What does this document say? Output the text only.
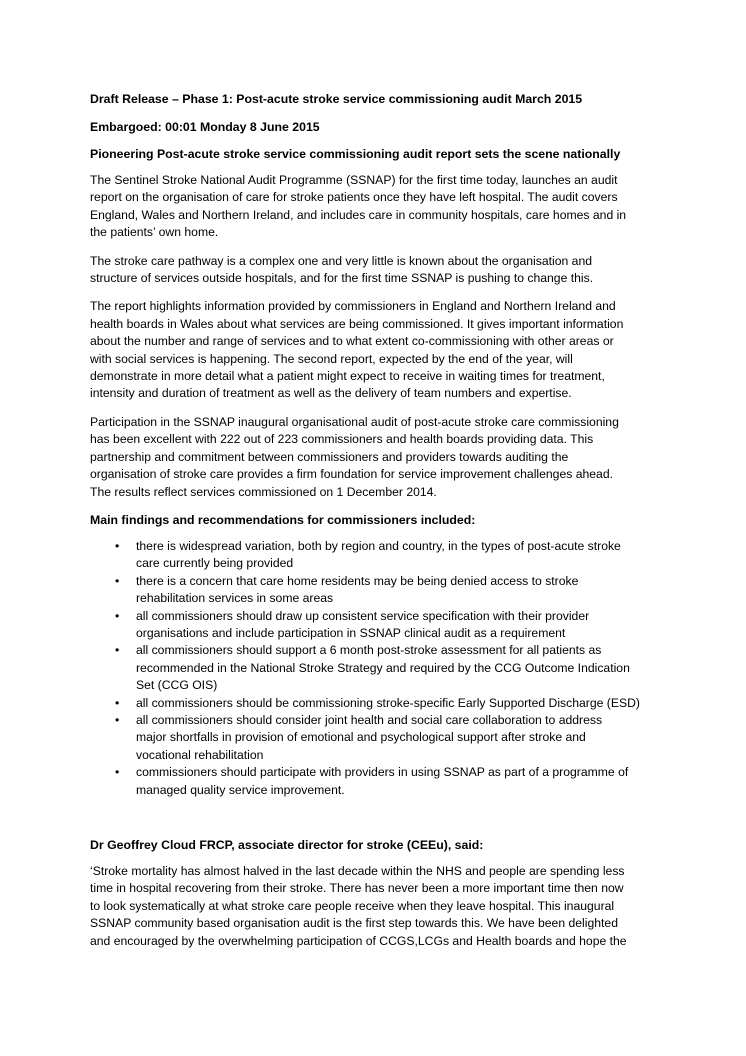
Draft Release – Phase 1: Post-acute stroke service commissioning audit March 2015
Embargoed: 00:01 Monday 8 June 2015
Pioneering Post-acute stroke service commissioning audit report sets the scene nationally
The Sentinel Stroke National Audit Programme (SSNAP) for the first time today, launches an audit
report on the organisation of care for stroke patients once they have left hospital. The audit covers
England, Wales and Northern Ireland, and includes care in community hospitals, care homes and in
the patients’ own home.
The stroke care pathway is a complex one and very little is known about the organisation and
structure of services outside hospitals, and for the first time SSNAP is pushing to change this.
The report highlights information provided by commissioners in England and Northern Ireland and
health boards in Wales about what services are being commissioned. It gives important information
about the number and range of services and to what extent co-commissioning with other areas or
with social services is happening. The second report, expected by the end of the year, will
demonstrate in more detail what a patient might expect to receive in waiting times for treatment,
intensity and duration of treatment as well as the delivery of team numbers and expertise.
Participation in the SSNAP inaugural organisational audit of post-acute stroke care commissioning
has been excellent with 222 out of 223 commissioners and health boards providing data. This
partnership and commitment between commissioners and providers towards auditing the
organisation of stroke care provides a firm foundation for service improvement challenges ahead.
The results reflect services commissioned on 1 December 2014.
Main findings and recommendations for commissioners included:
• there is widespread variation, both by region and country, in the types of post-acute stroke
care currently being provided
• there is a concern that care home residents may be being denied access to stroke
rehabilitation services in some areas
• all commissioners should draw up consistent service specification with their provider
organisations and include participation in SSNAP clinical audit as a requirement
• all commissioners should support a 6 month post-stroke assessment for all patients as
recommended in the National Stroke Strategy and required by the CCG Outcome Indication
Set (CCG OIS)
• all commissioners should be commissioning stroke-specific Early Supported Discharge (ESD)
• all commissioners should consider joint health and social care collaboration to address
major shortfalls in provision of emotional and psychological support after stroke and
vocational rehabilitation
• commissioners should participate with providers in using SSNAP as part of a programme of
managed quality service improvement.
Dr Geoffrey Cloud FRCP, associate director for stroke (CEEu), said:
‘Stroke mortality has almost halved in the last decade within the NHS and people are spending less
time in hospital recovering from their stroke. There has never been a more important time then now
to look systematically at what stroke care people receive when they leave hospital. This inaugural
SSNAP community based organisation audit is the first step towards this. We have been delighted
and encouraged by the overwhelming participation of CCGS,LCGs and Health boards and hope the
